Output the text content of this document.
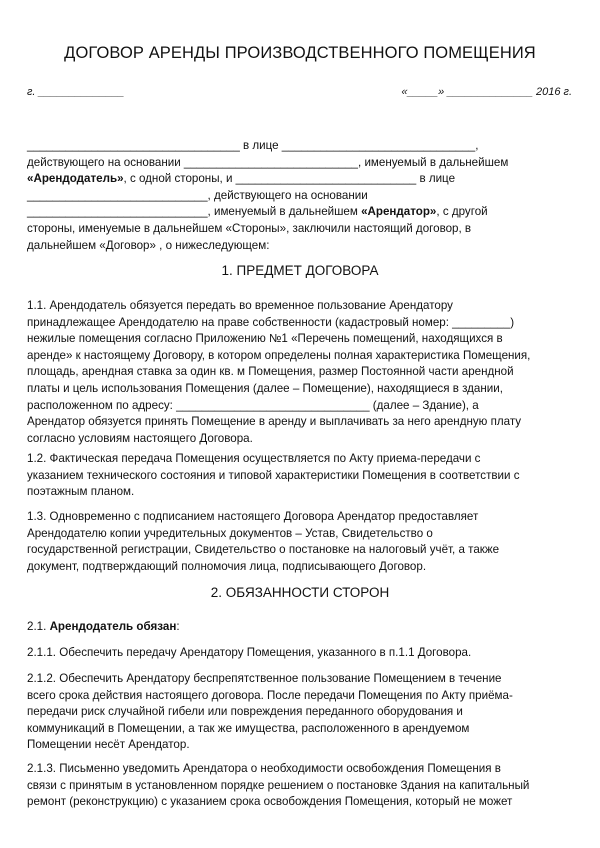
ДОГОВОР АРЕНДЫ ПРОИЗВОДСТВЕННОГО ПОМЕЩЕНИЯ
г. ______________	«_____» ______________ 2016 г.
_________________________________ в лице ______________________________,
действующего на основании ___________________________, именуемый в дальнейшем
«Арендодатель», с одной стороны, и ____________________________ в лице
____________________________, действующего на основании
____________________________, именуемый в дальнейшем «Арендатор», с другой
стороны, именуемые в дальнейшем «Стороны», заключили настоящий договор, в
дальнейшем «Договор» , о нижеследующем:
1. ПРЕДМЕТ ДОГОВОРА
1.1. Арендодатель обязуется передать во временное пользование Арендатору
принадлежащее Арендодателю на праве собственности (кадастровый номер: _________)
нежилые помещения согласно Приложению №1 «Перечень помещений, находящихся в
аренде» к настоящему Договору, в котором определены полная характеристика Помещения,
площадь, арендная ставка за один кв. м Помещения, размер Постоянной части арендной
платы и цель использования Помещения (далее – Помещение), находящиеся в здании,
расположенном по адресу: ______________________________ (далее – Здание), а
Арендатор обязуется принять Помещение в аренду и выплачивать за него арендную плату
согласно условиям настоящего Договора.
1.2. Фактическая передача Помещения осуществляется по Акту приема-передачи с
указанием технического состояния и типовой характеристики Помещения в соответствии с
поэтажным планом.
1.3. Одновременно с подписанием настоящего Договора Арендатор предоставляет
Арендодателю копии учредительных документов – Устав, Свидетельство о
государственной регистрации, Свидетельство о постановке на налоговый учёт, а также
документ, подтверждающий полномочия лица, подписывающего Договор.
2. ОБЯЗАННОСТИ СТОРОН
2.1. Арендодатель обязан:
2.1.1. Обеспечить передачу Арендатору Помещения, указанного в п.1.1 Договора.
2.1.2. Обеспечить Арендатору беспрепятственное пользование Помещением в течение
всего срока действия настоящего договора. После передачи Помещения по Акту приёма-
передачи риск случайной гибели или повреждения переданного оборудования и
коммуникаций в Помещении, а так же имущества, расположенного в арендуемом
Помещении несёт Арендатор.
2.1.3. Письменно уведомить Арендатора о необходимости освобождения Помещения в
связи с принятым в установленном порядке решением о постановке Здания на капитальный
ремонт (реконструкцию) с указанием срока освобождения Помещения, который не может
